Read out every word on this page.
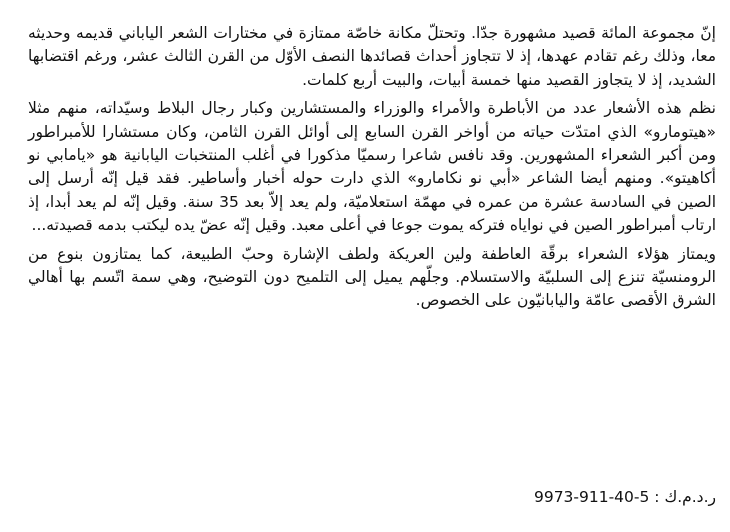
إنّ مجموعة المائة قصيد مشهورة جدّا. وتحتلّ مكانة خاصّة ممتازة في مختارات الشعر الياباني قديمه وحديثه معا، وذلك رغم تقادم عهدها، إذ لا تتجاوز أحداث قصائدها النصف الأوّل من القرن الثالث عشر، ورغم اقتضابها الشديد، إذ لا يتجاوز القصيد منها خمسة أبيات، والبيت أربع كلمات.

نظم هذه الأشعار عدد من الأباطرة والأمراء والوزراء والمستشارين وكبار رجال البلاط وسيّداته، منهم مثلا «هيتومارو» الذي امتدّت حياته من أواخر القرن السابع إلى أوائل القرن الثامن، وكان مستشارا للأمبراطور ومن أكبر الشعراء المشهورين. وقد نافس شاعرا رسميّا مذكورا في أغلب المنتخبات اليابانية هو «يامابي نو أكاهيتو». ومنهم أيضا الشاعر «أبي نو نكامارو» الذي دارت حوله أخبار وأساطير. فقد قيل إنّه أرسل إلى الصين في السادسة عشرة من عمره في مهمّة استعلاميّة، ولم يعد إلاّ بعد 35 سنة. وقيل إنّه لم يعد أبدا، إذ ارتاب أمبراطور الصين في نواياه فتركه يموت جوعا في أعلى معبد. وقيل إنّه عضّ يده ليكتب بدمه قصيدته...

ويمتاز هؤلاء الشعراء برقّة العاطفة ولين العريكة ولطف الإشارة وحبّ الطبيعة، كما يمتازون بنوع من الرومنسيّة تنزع إلى السلبيّة والاستسلام. وجلّهم يميل إلى التلميح دون التوضيح، وهي سمة اتّسم بها أهالي الشرق الأقصى عامّة واليابانيّون على الخصوص.

ر.د.م.ك : 9973-911-40-5
